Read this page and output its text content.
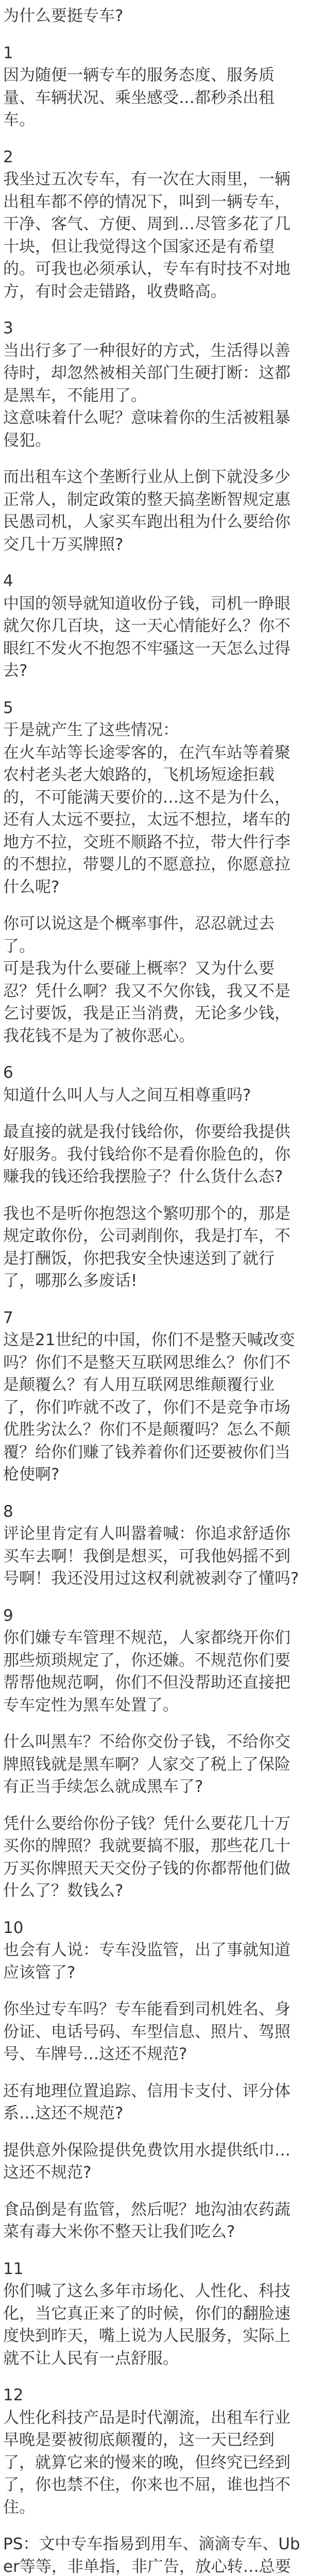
为什么要挺专车?
1
因为随便一辆专车的服务态度、服务质量、车辆状况、乘坐感受…都秒杀出租车。
2
我坐过五次专车，有一次在大雨里，一辆出租车都不停的情况下，叫到一辆专车，干净、客气、方便、周到…尽管多花了几十块，但让我觉得这个国家还是有希望的。可我也必须承认，专车有时技不对地方，有时会走错路，收费略高。
3
当出行多了一种很好的方式，生活得以善待时，却忽然被相关部门生硬打断：这都是黑车，不能用了。
这意味着什么呢？意味着你的生活被粗暴侵犯。
而出租车这个垄断行业从上倒下就没多少正常人，制定政策的整天搞垄断智规定惠民愚司机，人家买车跑出租为什么要给你交几十万买牌照?
4
中国的领导就知道收份子钱，司机一睁眼就欠你几百块，这一天心情能好么？你不眼红不发火不抱怨不牢骚这一天怎么过得去?
5
于是就产生了这些情况：
在火车站等长途零客的，在汽车站等着聚农村老头老大娘路的，飞机场短途拒载的，不可能满天要价的…这不是为什么，还有人太远不要拉，太远不想拉，堵车的地方不拉，交班不顺路不拉，带大件行李的不想拉，带婴儿的不愿意拉，你愿意拉什么呢?
你可以说这是个概率事件，忍忍就过去了。
可是我为什么要碰上概率？又为什么要忍？凭什么啊？我又不欠你钱，我又不是乞讨要饭，我是正当消费，无论多少钱，我花钱不是为了被你恶心。
6
知道什么叫人与人之间互相尊重吗?
最直接的就是我付钱给你，你要给我提供好服务。我付钱给你不是看你脸色的，你赚我的钱还给我摆脸子？什么货什么态?
我也不是听你抱怨这个繁叨那个的，那是规定敢你份，公司剥削你，我是打车，不是打酬饭，你把我安全快速送到了就行了，哪那么多废话!
7
这是21世纪的中国，你们不是整天喊改变吗？你们不是整天互联网思维么？你们不是颠覆么？有人用互联网思维颠覆行业了，你们咋就不改了，你们不是竞争市场优胜劣汰么？你们不是颠覆吗？怎么不颠覆？给你们赚了钱养着你们还要被你们当枪使啊?
8
评论里肯定有人叫嚣着喊：你追求舒适你买车去啊！我倒是想买，可我他妈摇不到号啊！我还没用过这权利就被剥夺了懂吗?
9
你们嫌专车管理不规范，人家都绕开你们那些烦琐规定了，你还嫌。不规范你们要帮帮他规范啊，你们不但没帮助还直接把专车定性为黑车处置了。
什么叫黑车？不给你交份子钱，不给你交牌照钱就是黑车啊？人家交了税上了保险有正当手续怎么就成黑车了?
凭什么要给你份子钱？凭什么要花几十万买你的牌照？我就要搞不服，那些花几十万买你牌照天天交份子钱的你都帮他们做什么了？数钱么?
10
也会有人说：专车没监管，出了事就知道应该管了?
你坐过专车吗？专车能看到司机姓名、身份证、电话号码、车型信息、照片、驾照号、车牌号…这还不规范?
还有地理位置追踪、信用卡支付、评分体系…这还不规范?
提供意外保险提供免费饮用水提供纸巾…这还不规范?
食品倒是有监管，然后呢？地沟油农药蔬菜有毒大米你不整天让我们吃么?
11
你们喊了这么多年市场化、人性化、科技化，当它真正来了的时候，你们的翻脸速度快到昨天，嘴上说为人民服务，实际上就不让人民有一点舒服。
12
人性化科技产品是时代潮流，出租车行业早晚是要被彻底颠覆的，这一天已经到了，就算它来的慢来的晚，但终究已经到了，你也禁不住，你来也不屈，谁也挡不住。
PS：文中专车指易到用车、滴滴专车、Uber等等，非单指，非广告，放心转…总要
